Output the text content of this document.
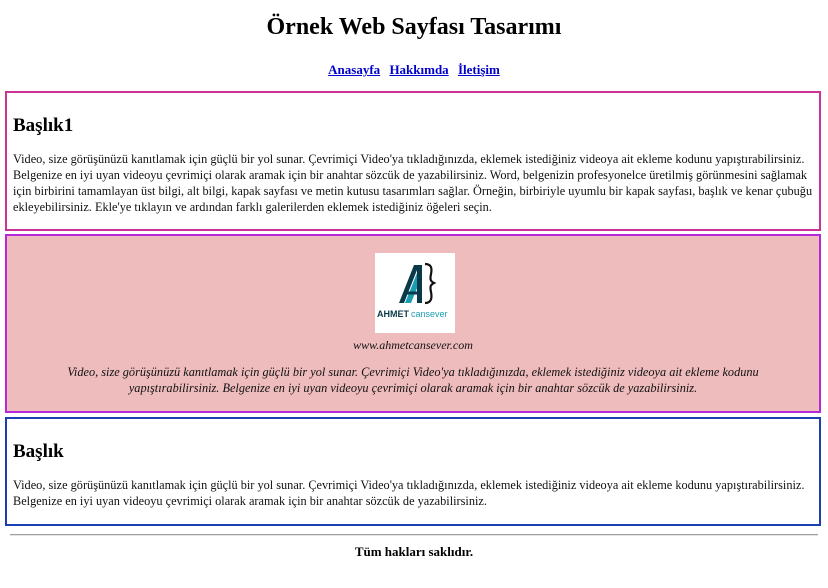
Örnek Web Sayfası Tasarımı
Anasayfa Hakkımda İletişim
Başlık1

Video, size görüşünüzü kanıtlamak için güçlü bir yol sunar. Çevrimiçi Video'ya tıkladığınızda, eklemek istediğiniz videoya ait ekleme kodunu yapıştırabilirsiniz. Belgenize en iyi uyan videoyu çevrimiçi olarak aramak için bir anahtar sözcük de yazabilirsiniz. Word, belgenizin profesyonelce üretilmiş görünmesini sağlamak için birbirini tamamlayan üst bilgi, alt bilgi, kapak sayfası ve metin kutusu tasarımları sağlar. Örneğin, birbiriyle uyumlu bir kapak sayfası, başlık ve kenar çubuğu ekleyebilirsiniz. Ekle'ye tıklayın ve ardından farklı galerilerden eklemek istediğiniz öğeleri seçin.

AHMET cansever
www.ahmetcansever.com

Video, size görüşünüzü kanıtlamak için güçlü bir yol sunar. Çevrimiçi Video'ya tıkladığınızda, eklemek istediğiniz videoya ait ekleme kodunu yapıştırabilirsiniz. Belgenize en iyi uyan videoyu çevrimiçi olarak aramak için bir anahtar sözcük de yazabilirsiniz.

Başlık

Video, size görüşünüzü kanıtlamak için güçlü bir yol sunar. Çevrimiçi Video'ya tıkladığınızda, eklemek istediğiniz videoya ait ekleme kodunu yapıştırabilirsiniz. Belgenize en iyi uyan videoyu çevrimiçi olarak aramak için bir anahtar sözcük de yazabilirsiniz.

Tüm hakları saklıdır.
